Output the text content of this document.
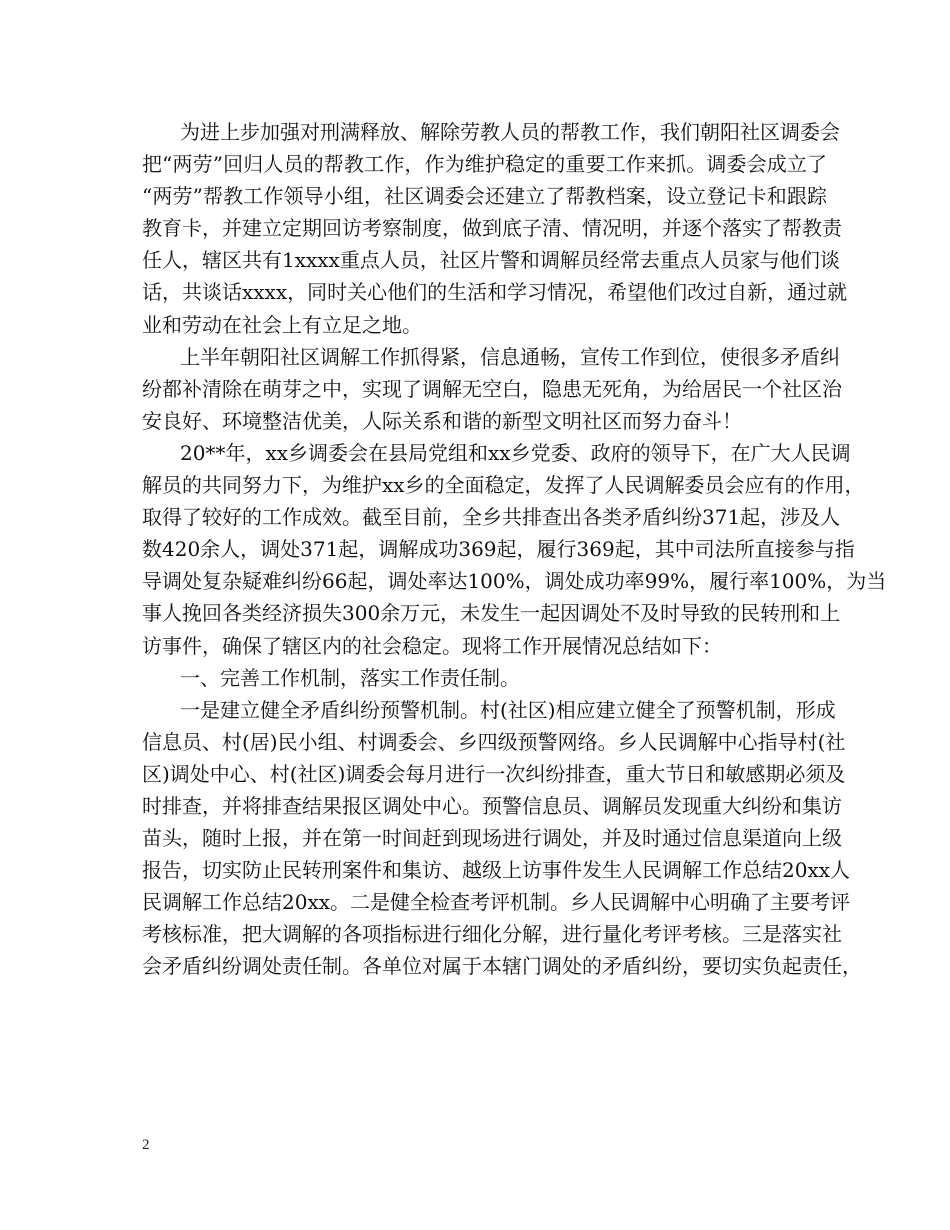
为进上步加强对刑满释放、解除劳教人员的帮教工作，我们朝阳社区调委会
把“两劳”回归人员的帮教工作，作为维护稳定的重要工作来抓。调委会成立了
“两劳”帮教工作领导小组，社区调委会还建立了帮教档案，设立登记卡和跟踪
教育卡，并建立定期回访考察制度，做到底子清、情况明，并逐个落实了帮教责
任人，辖区共有1xxxx重点人员，社区片警和调解员经常去重点人员家与他们谈
话，共谈话xxxx，同时关心他们的生活和学习情况，希望他们改过自新，通过就
业和劳动在社会上有立足之地。
上半年朝阳社区调解工作抓得紧，信息通畅，宣传工作到位，使很多矛盾纠
纷都补清除在萌芽之中，实现了调解无空白，隐患无死角，为给居民一个社区治
安良好、环境整洁优美，人际关系和谐的新型文明社区而努力奋斗！
20**年，xx乡调委会在县局党组和xx乡党委、政府的领导下，在广大人民调
解员的共同努力下，为维护xx乡的全面稳定，发挥了人民调解委员会应有的作用，
取得了较好的工作成效。截至目前，全乡共排查出各类矛盾纠纷371起，涉及人
数420余人，调处371起，调解成功369起，履行369起，其中司法所直接参与指
导调处复杂疑难纠纷66起，调处率达100%，调处成功率99%，履行率100%，为当
事人挽回各类经济损失300余万元，未发生一起因调处不及时导致的民转刑和上
访事件，确保了辖区内的社会稳定。现将工作开展情况总结如下：
一、完善工作机制，落实工作责任制。
一是建立健全矛盾纠纷预警机制。村(社区)相应建立健全了预警机制，形成
信息员、村(居)民小组、村调委会、乡四级预警网络。乡人民调解中心指导村(社
区)调处中心、村(社区)调委会每月进行一次纠纷排查，重大节日和敏感期必须及
时排查，并将排查结果报区调处中心。预警信息员、调解员发现重大纠纷和集访
苗头，随时上报，并在第一时间赶到现场进行调处，并及时通过信息渠道向上级
报告，切实防止民转刑案件和集访、越级上访事件发生人民调解工作总结20xx人
民调解工作总结20xx。二是健全检查考评机制。乡人民调解中心明确了主要考评
考核标准，把大调解的各项指标进行细化分解，进行量化考评考核。三是落实社
会矛盾纠纷调处责任制。各单位对属于本辖门调处的矛盾纠纷，要切实负起责任，
2
